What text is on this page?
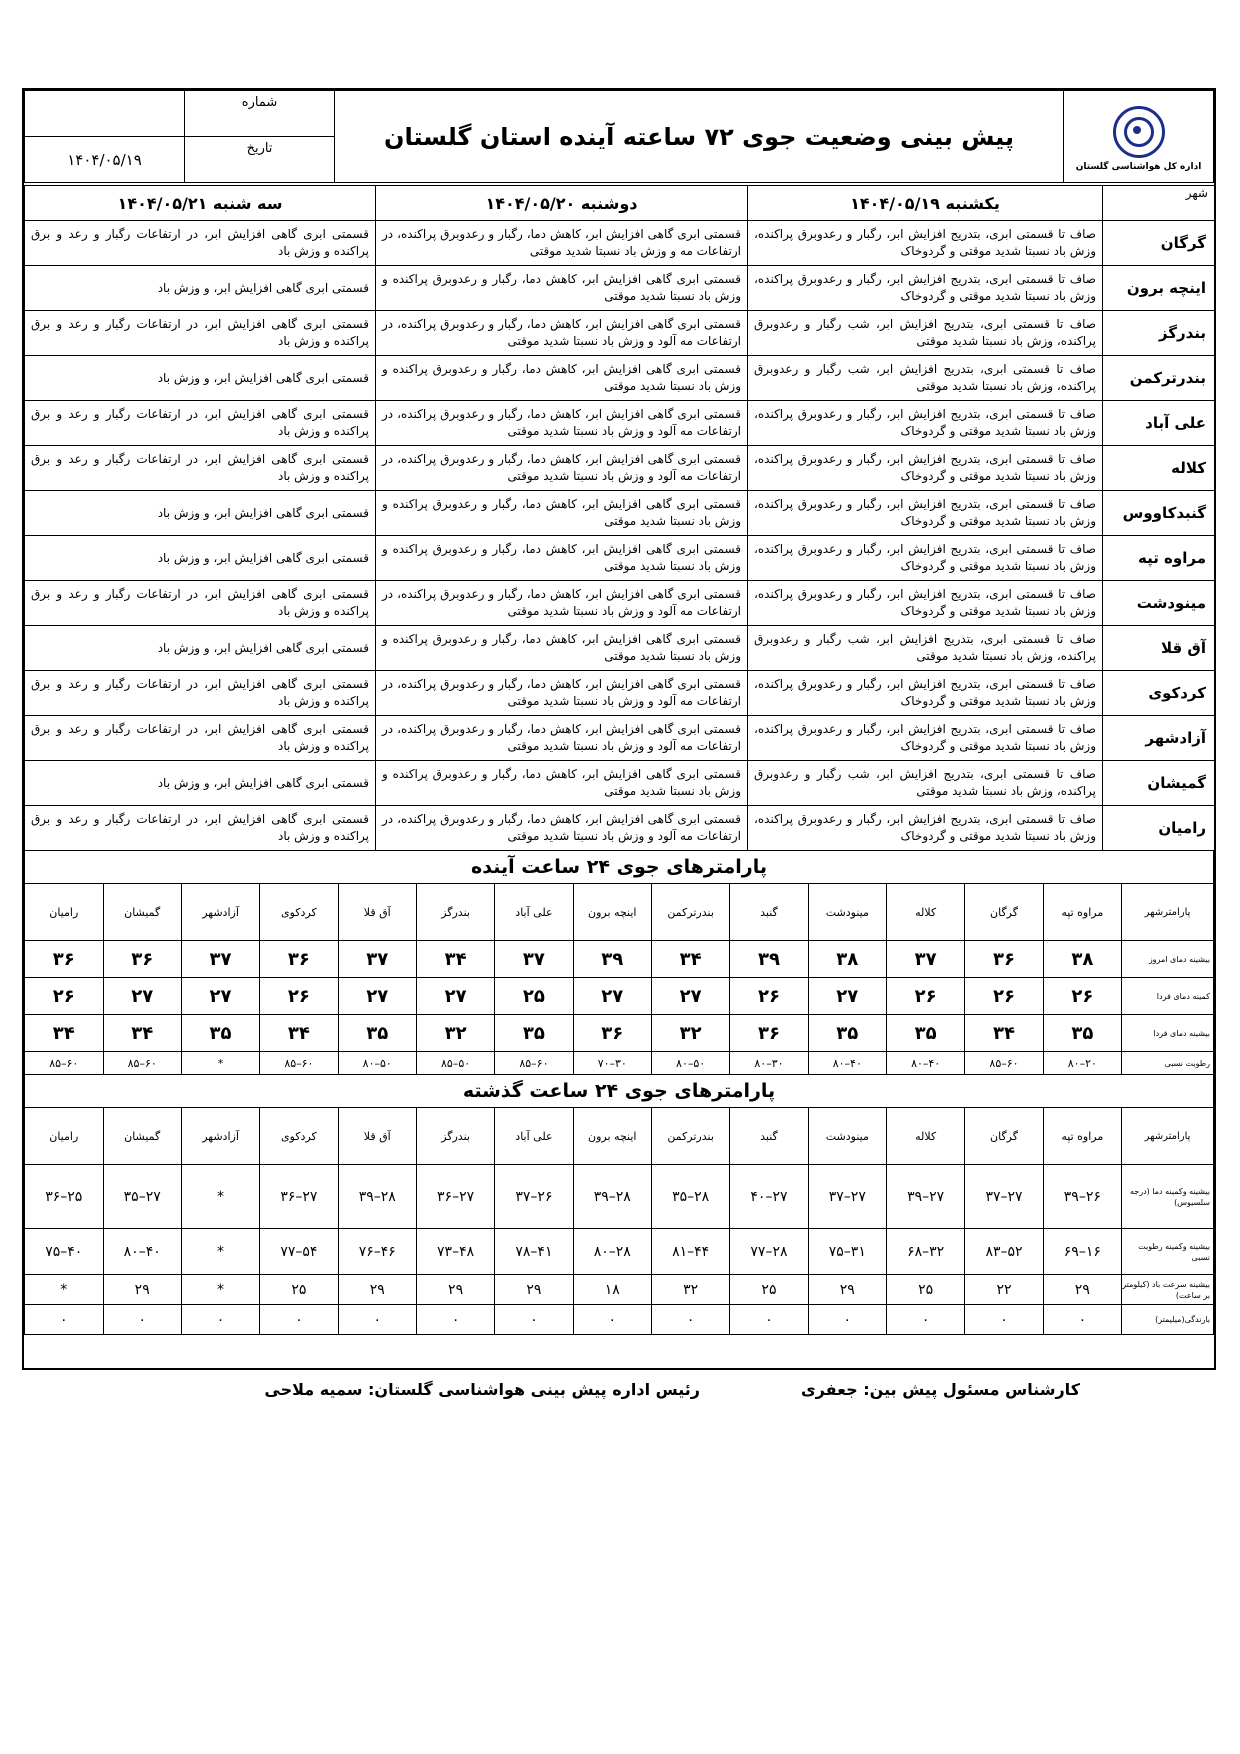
	شماره	پیش بینی وضعیت جوی ۷۲ ساعته آینده استان گلستان	اداره کل هواشناسی گلستان

۱۴۰۴/۰۵/۱۹	تاریخ		
شهر	یکشنبه ۱۴۰۴/۰۵/۱۹	دوشنبه ۱۴۰۴/۰۵/۲۰	سه شنبه ۱۴۰۴/۰۵/۲۱
گرگان	صاف تا قسمتی ابری، بتدریج افزایش ابر، رگبار و رعدوبرق پراکنده، وزش باد نسبتا شدید موقتی و گردوخاک	قسمتی ابری گاهی افزایش ابر، کاهش دما، رگبار و رعدوبرق پراکنده، در ارتفاعات مه و وزش باد نسبتا شدید موقتی	قسمتی ابری گاهی افزایش ابر، در ارتفاعات رگبار و رعد و برق پراکنده و وزش باد
اینچه برون	صاف تا قسمتی ابری، بتدریج افزایش ابر، رگبار و رعدوبرق پراکنده، وزش باد نسبتا شدید موقتی و گردوخاک	قسمتی ابری گاهی افزایش ابر، کاهش دما، رگبار و رعدوبرق پراکنده و وزش باد نسبتا شدید موقتی	قسمتی ابری گاهی افزایش ابر، و وزش باد
بندرگز	صاف تا قسمتی ابری، بتدریج افزایش ابر، شب رگبار و رعدوبرق پراکنده، وزش باد نسبتا شدید موقتی	قسمتی ابری گاهی افزایش ابر، کاهش دما، رگبار و رعدوبرق پراکنده، در ارتفاعات مه آلود و وزش باد نسبتا شدید موقتی	قسمتی ابری گاهی افزایش ابر، در ارتفاعات رگبار و رعد و برق پراکنده و وزش باد
بندرترکمن	صاف تا قسمتی ابری، بتدریج افزایش ابر، شب رگبار و رعدوبرق پراکنده، وزش باد نسبتا شدید موقتی	قسمتی ابری گاهی افزایش ابر، کاهش دما، رگبار و رعدوبرق پراکنده و وزش باد نسبتا شدید موقتی	قسمتی ابری گاهی افزایش ابر، و وزش باد
علی آباد	صاف تا قسمتی ابری، بتدریج افزایش ابر، رگبار و رعدوبرق پراکنده، وزش باد نسبتا شدید موقتی و گردوخاک	قسمتی ابری گاهی افزایش ابر، کاهش دما، رگبار و رعدوبرق پراکنده، در ارتفاعات مه آلود و وزش باد نسبتا شدید موقتی	قسمتی ابری گاهی افزایش ابر، در ارتفاعات رگبار و رعد و برق پراکنده و وزش باد
کلاله	صاف تا قسمتی ابری، بتدریج افزایش ابر، رگبار و رعدوبرق پراکنده، وزش باد نسبتا شدید موقتی و گردوخاک	قسمتی ابری گاهی افزایش ابر، کاهش دما، رگبار و رعدوبرق پراکنده، در ارتفاعات مه آلود و وزش باد نسبتا شدید موقتی	قسمتی ابری گاهی افزایش ابر، در ارتفاعات رگبار و رعد و برق پراکنده و وزش باد
گنبدکاووس	صاف تا قسمتی ابری، بتدریج افزایش ابر، رگبار و رعدوبرق پراکنده، وزش باد نسبتا شدید موقتی و گردوخاک	قسمتی ابری گاهی افزایش ابر، کاهش دما، رگبار و رعدوبرق پراکنده و وزش باد نسبتا شدید موقتی	قسمتی ابری گاهی افزایش ابر، و وزش باد
مراوه تپه	صاف تا قسمتی ابری، بتدریج افزایش ابر، رگبار و رعدوبرق پراکنده، وزش باد نسبتا شدید موقتی و گردوخاک	قسمتی ابری گاهی افزایش ابر، کاهش دما، رگبار و رعدوبرق پراکنده و وزش باد نسبتا شدید موقتی	قسمتی ابری گاهی افزایش ابر، و وزش باد
مینودشت	صاف تا قسمتی ابری، بتدریج افزایش ابر، رگبار و رعدوبرق پراکنده، وزش باد نسبتا شدید موقتی و گردوخاک	قسمتی ابری گاهی افزایش ابر، کاهش دما، رگبار و رعدوبرق پراکنده، در ارتفاعات مه آلود و وزش باد نسبتا شدید موقتی	قسمتی ابری گاهی افزایش ابر، در ارتفاعات رگبار و رعد و برق پراکنده و وزش باد
آق قلا	صاف تا قسمتی ابری، بتدریج افزایش ابر، شب رگبار و رعدوبرق پراکنده، وزش باد نسبتا شدید موقتی	قسمتی ابری گاهی افزایش ابر، کاهش دما، رگبار و رعدوبرق پراکنده و وزش باد نسبتا شدید موقتی	قسمتی ابری گاهی افزایش ابر، و وزش باد
کردکوی	صاف تا قسمتی ابری، بتدریج افزایش ابر، رگبار و رعدوبرق پراکنده، وزش باد نسبتا شدید موقتی و گردوخاک	قسمتی ابری گاهی افزایش ابر، کاهش دما، رگبار و رعدوبرق پراکنده، در ارتفاعات مه آلود و وزش باد نسبتا شدید موقتی	قسمتی ابری گاهی افزایش ابر، در ارتفاعات رگبار و رعد و برق پراکنده و وزش باد
آزادشهر	صاف تا قسمتی ابری، بتدریج افزایش ابر، رگبار و رعدوبرق پراکنده، وزش باد نسبتا شدید موقتی و گردوخاک	قسمتی ابری گاهی افزایش ابر، کاهش دما، رگبار و رعدوبرق پراکنده، در ارتفاعات مه آلود و وزش باد نسبتا شدید موقتی	قسمتی ابری گاهی افزایش ابر، در ارتفاعات رگبار و رعد و برق پراکنده و وزش باد
گمیشان	صاف تا قسمتی ابری، بتدریج افزایش ابر، شب رگبار و رعدوبرق پراکنده، وزش باد نسبتا شدید موقتی	قسمتی ابری گاهی افزایش ابر، کاهش دما، رگبار و رعدوبرق پراکنده و وزش باد نسبتا شدید موقتی	قسمتی ابری گاهی افزایش ابر، و وزش باد
رامیان	صاف تا قسمتی ابری، بتدریج افزایش ابر، رگبار و رعدوبرق پراکنده، وزش باد نسبتا شدید موقتی و گردوخاک	قسمتی ابری گاهی افزایش ابر، کاهش دما، رگبار و رعدوبرق پراکنده، در ارتفاعات مه آلود و وزش باد نسبتا شدید موقتی	قسمتی ابری گاهی افزایش ابر، در ارتفاعات رگبار و رعد و برق پراکنده و وزش باد
پارامترهای جوی ۲۴ ساعت آینده
پارامترشهر	مراوه تپه	گرگان	کلاله	مینودشت	گنبد	بندرترکمن	اینچه برون	علی آباد	بندرگز	آق قلا	کردکوی	آزادشهر	گمیشان	رامیان
بیشینه دمای امروز	۳۸	۳۶	۳۷	۳۸	۳۹	۳۴	۳۹	۳۷	۳۴	۳۷	۳۶	۳۷	۳۶	۳۶
کمینه دمای فردا	۲۶	۲۶	۲۶	۲۷	۲۶	۲۷	۲۷	۲۵	۲۷	۲۷	۲۶	۲۷	۲۷	۲۶
بیشینه دمای فردا	۳۵	۳۴	۳۵	۳۵	۳۶	۳۲	۳۶	۳۵	۳۲	۳۵	۳۴	۳۵	۳۴	۳۴
رطوبت نسبی	۲۰–۸۰	۶۰–۸۵	۴۰–۸۰	۴۰–۸۰	۳۰–۸۰	۵۰–۸۰	۳۰–۷۰	۶۰–۸۵	۵۰–۸۵	۵۰–۸۰	۶۰–۸۵	*	۶۰–۸۵	۶۰–۸۵
پارامترهای جوی ۲۴ ساعت گذشته
پارامترشهر	مراوه تپه	گرگان	کلاله	مینودشت	گنبد	بندرترکمن	اینچه برون	علی آباد	بندرگز	آق قلا	کردکوی	آزادشهر	گمیشان	رامیان
بیشینه وکمینه دما (درجه سلسیوس)	۲۶–۳۹	۲۷–۳۷	۲۷–۳۹	۲۷–۳۷	۲۷–۴۰	۲۸–۳۵	۲۸–۳۹	۲۶–۳۷	۲۷–۳۶	۲۸–۳۹	۲۷–۳۶	*	۲۷–۳۵	۲۵–۳۶
بیشینه وکمینه رطوبت نسبی	۱۶–۶۹	۵۲–۸۳	۳۲–۶۸	۳۱–۷۵	۲۸–۷۷	۴۴–۸۱	۲۸–۸۰	۴۱–۷۸	۴۸–۷۳	۴۶–۷۶	۵۴–۷۷	*	۴۰–۸۰	۴۰–۷۵
بیشینه سرعت باد (کیلومتر بر ساعت)	۲۹	۲۲	۲۵	۲۹	۲۵	۳۲	۱۸	۲۹	۲۹	۲۹	۲۵	*	۲۹	*
بارندگی(میلیمتر)	۰	۰	۰	۰	۰	۰	۰	۰	۰	۰	۰	۰	۰	۰
کارشناس مسئول پیش بین: جعفری
رئیس اداره پیش بینی هواشناسی گلستان: سمیه ملاحی
